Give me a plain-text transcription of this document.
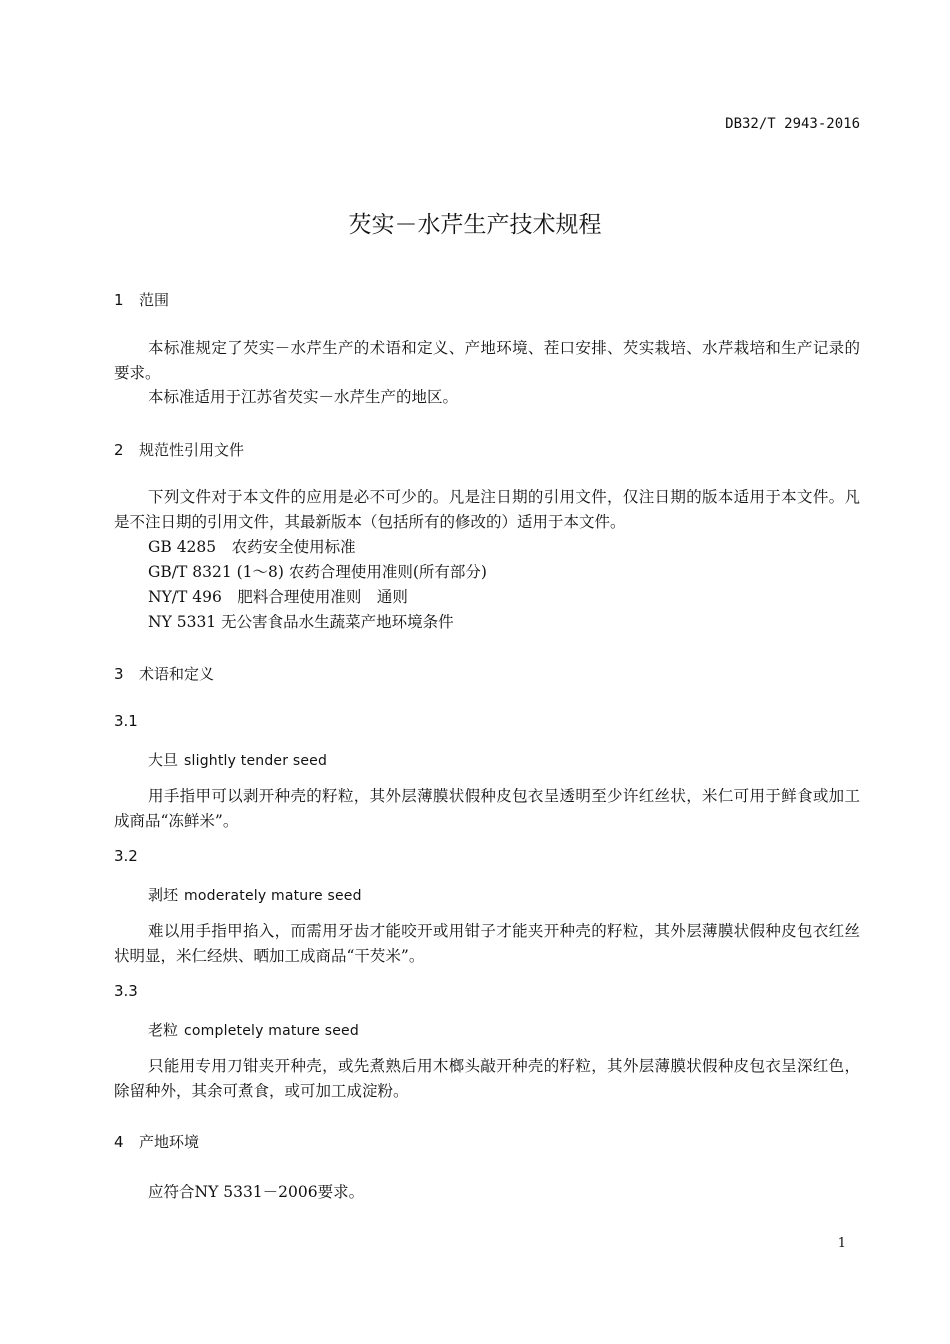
DB32/T 2943-2016
芡实－水芹生产技术规程
1 范围
本标准规定了芡实－水芹生产的术语和定义、产地环境、茬口安排、芡实栽培、水芹栽培和生产记录的要求。
本标准适用于江苏省芡实－水芹生产的地区。
2 规范性引用文件
下列文件对于本文件的应用是必不可少的。凡是注日期的引用文件，仅注日期的版本适用于本文件。凡是不注日期的引用文件，其最新版本（包括所有的修改的）适用于本文件。
GB 4285　农药安全使用标准
GB/T 8321 (1～8) 农药合理使用准则(所有部分)
NY/T 496　肥料合理使用准则　通则
NY 5331 无公害食品水生蔬菜产地环境条件
3 术语和定义
3.1
大旦 slightly tender seed
用手指甲可以剥开种壳的籽粒，其外层薄膜状假种皮包衣呈透明至少许红丝状，米仁可用于鲜食或加工成商品“冻鲜米”。
3.2
剥坯 moderately mature seed
难以用手指甲掐入，而需用牙齿才能咬开或用钳子才能夹开种壳的籽粒，其外层薄膜状假种皮包衣红丝状明显，米仁经烘、晒加工成商品“干芡米”。
3.3
老粒 completely mature seed
只能用专用刀钳夹开种壳，或先煮熟后用木榔头敲开种壳的籽粒，其外层薄膜状假种皮包衣呈深红色，除留种外，其余可煮食，或可加工成淀粉。
4 产地环境
应符合NY 5331－2006要求。
1
